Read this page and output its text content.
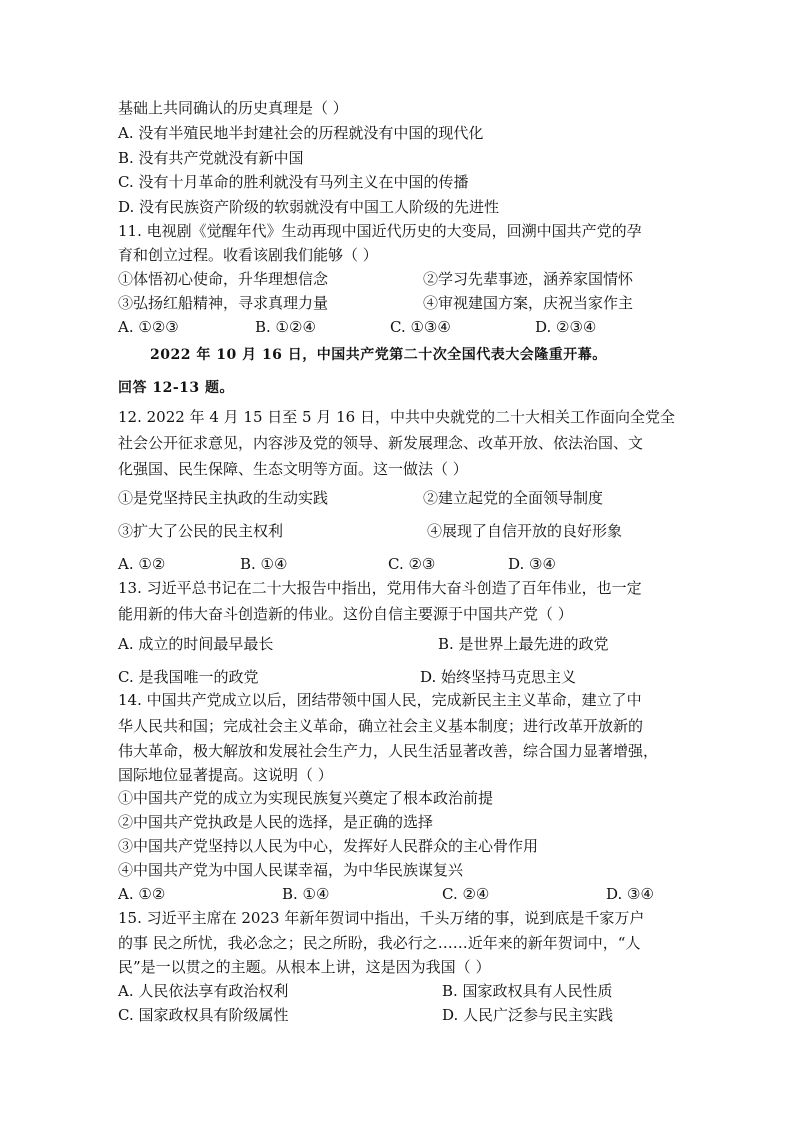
基础上共同确认的历史真理是（ ）
A. 没有半殖民地半封建社会的历程就没有中国的现代化
B. 没有共产党就没有新中国
C. 没有十月革命的胜利就没有马列主义在中国的传播
D. 没有民族资产阶级的软弱就没有中国工人阶级的先进性
11. 电视剧《觉醒年代》生动再现中国近代历史的大变局，回溯中国共产党的孕
育和创立过程。收看该剧我们能够（ ）
①体悟初心使命，升华理想信念	②学习先辈事迹，涵养家国情怀
③弘扬红船精神，寻求真理力量	④审视建国方案，庆祝当家作主
A. ①②③	B. ①②④	C. ①③④	D. ②③④
2022 年 10 月 16 日，中国共产党第二十次全国代表大会隆重开幕。
回答 12-13 题。
12. 2022 年 4 月 15 日至 5 月 16 日，中共中央就党的二十大相关工作面向全党全
社会公开征求意见，内容涉及党的领导、新发展理念、改革开放、依法治国、文
化强国、民生保障、生态文明等方面。这一做法（ ）
①是党坚持民主执政的生动实践	②建立起党的全面领导制度
③扩大了公民的民主权利	④展现了自信开放的良好形象
A. ①②	B. ①④	C. ②③	D. ③④
13. 习近平总书记在二十大报告中指出，党用伟大奋斗创造了百年伟业，也一定
能用新的伟大奋斗创造新的伟业。这份自信主要源于中国共产党（ ）
A. 成立的时间最早最长	B. 是世界上最先进的政党
C. 是我国唯一的政党	D. 始终坚持马克思主义
14. 中国共产党成立以后，团结带领中国人民，完成新民主主义革命，建立了中
华人民共和国；完成社会主义革命，确立社会主义基本制度；进行改革开放新的
伟大革命，极大解放和发展社会生产力，人民生活显著改善，综合国力显著增强，
国际地位显著提高。这说明（ ）
①中国共产党的成立为实现民族复兴奠定了根本政治前提
②中国共产党执政是人民的选择，是正确的选择
③中国共产党坚持以人民为中心，发挥好人民群众的主心骨作用
④中国共产党为中国人民谋幸福，为中华民族谋复兴
A. ①②	B. ①④	C. ②④	D. ③④
15. 习近平主席在 2023 年新年贺词中指出，千头万绪的事，说到底是千家万户
的事 民之所忧，我必念之；民之所盼，我必行之……近年来的新年贺词中，“人
民”是一以贯之的主题。从根本上讲，这是因为我国（ ）
A. 人民依法享有政治权利	B. 国家政权具有人民性质
C. 国家政权具有阶级属性	D. 人民广泛参与民主实践
